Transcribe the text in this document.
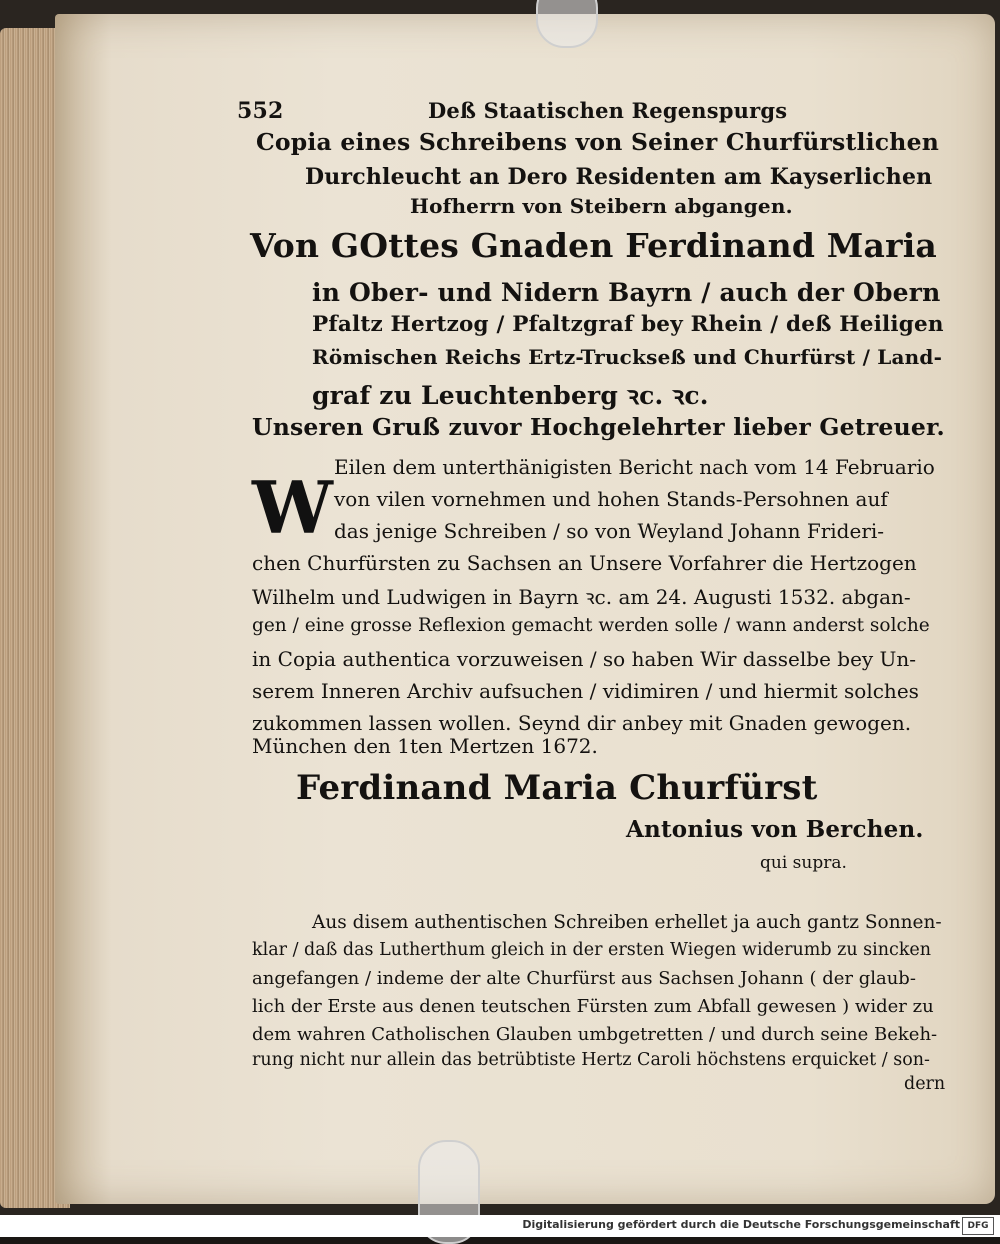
552	Deß Staatischen Regenspurgs
Copia eines Schreibens von Seiner Churfürstlichen
Durchleucht an Dero Residenten am Kayserlichen
Hofherrn von Steibern abgangen.
Von GOttes Gnaden Ferdinand Maria
in Ober- und Nidern Bayrn / auch der Obern
Pfaltz Hertzog / Pfaltzgraf bey Rhein / deß Heiligen
Römischen Reichs Ertz-Truckseß und Churfürst / Land-
graf zu Leuchtenberg ꝛc. ꝛc.
Unseren Gruß zuvor Hochgelehrter lieber Getreuer.
W Eilen dem unterthänigisten Bericht nach vom 14 Februario
von vilen vornehmen und hohen Stands-Persohnen auf
das jenige Schreiben / so von Weyland Johann Frideri-
chen Churfürsten zu Sachsen an Unsere Vorfahrer die Hertzogen
Wilhelm und Ludwigen in Bayrn ꝛc. am 24. Augusti 1532. abgan-
gen / eine grosse Reflexion gemacht werden solle / wann anderst solche
in Copia authentica vorzuweisen / so haben Wir dasselbe bey Un-
serem Inneren Archiv aufsuchen / vidimiren / und hiermit solches
zukommen lassen wollen. Seynd dir anbey mit Gnaden gewogen.
München den 1ten Mertzen 1672.
Ferdinand Maria Churfürst
Antonius von Berchen.
qui supra.
Aus disem authentischen Schreiben erhellet ja auch gantz Sonnen-
klar / daß das Lutherthum gleich in der ersten Wiegen widerumb zu sincken
angefangen / indeme der alte Churfürst aus Sachsen Johann ( der glaub-
lich der Erste aus denen teutschen Fürsten zum Abfall gewesen ) wider zu
dem wahren Catholischen Glauben umbgetretten / und durch seine Bekeh-
rung nicht nur allein das betrübtiste Hertz Caroli höchstens erquicket / son-
dern
Digitalisierung gefördert durch die Deutsche Forschungsgemeinschaft DFG
